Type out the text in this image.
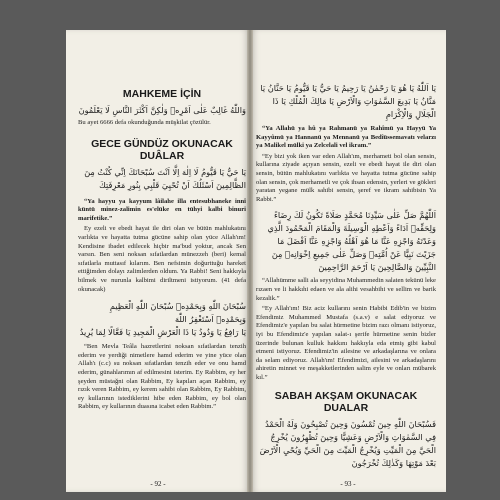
MAHKEME İÇİN

وَاللّٰهُ غَالِبٌ عَلٰى اَمْرِهٖ وَلٰكِنَّ اَكْثَرَ النَّاسِ لَا يَعْلَمُونَ

Bu ayet 6666 defa okunduğunda müşkilat çözülür.

GECE GÜNDÜZ OKUNACAK DUÂLAR

يَا حَيُّ يَا قَيُّومُ لَا اِلٰهَ اِلَّا اَنْتَ سُبْحَانَكَ اِنِّي كُنْتُ مِنَ الظَّالِمِينَ اَسْئَلُكَ اَنْ تُحْيِيَ قَلْبِي بِنُورِ مَعْرِفَتِكَ

“Ya hayyu ya kayyum lâilahe illa entesubhaneke innî küntü minez-zalimin es'elüke en tühyi kalbi binuri marifetike.”

Ey ezeli ve ebedi hayat ile diri olan ve bütün mahlukatını varlıkta ve hayatta tutma gücüne sahip olan yüce Allah'ım! Kendisine ibadet edilecek hiçbir ma'bud yoktur, ancak Sen varsın. Ben seni noksan sıfatlardan münezzeh (beri) kemal sıfatlarla muttasıf kılarım. Ben nefsimin doğurttuğu hareket ettiğimden dolayı zalimlerden oldum. Ya Rabbi! Seni hakkıyla bilmek ve nurunla kalbimi diriltmeni istiyorum. (41 defa okunacak)

سُبْحَانَ اللّٰهِ وَبِحَمْدِهٖ سُبْحَانَ اللّٰهِ الْعَظِيمِ وَبِحَمْدِهٖ اَسْتَغْفِرُ اللّٰهَ

يَا رَافِعُ يَا وَدُودُ يَا ذَا الْعَرْشِ الْمَجِيدِ يَا فَعَّالًا لِمَا يُرِيدُ

“Ben Mevla Teâla hazretlerini noksan sıfatlardan tenzih ederim ve yerdiği nimetlere hamd ederim ve yine yüce olan Allah'ı (c.c) su noksan sıfatlardan tenzih eder ve onu hamd ederim, günahlarımın af edilmesini isterim. Ey Rabbim, ey her şeyden müstağni olan Rabbim, Ey kapıları açan Rabbim, ey rızık veren Rabbim, ey kerem sahibi olan Rabbim, Ey Rabbim, ey kullarının istediklerini hibe eden Rabbim, ey bol olan Rabbim, ey kullarının duasına icabet eden Rabbim.”

- 92 -

يَا اَللّٰهُ يَا هُوَ يَا رَحْمٰنُ يَا رَحِيمُ يَا حَيُّ يَا قَيُّومُ يَا حَنَّانُ يَا مَنَّانُ يَا بَدِيعَ السَّمٰوَاتِ وَالْاَرْضِ يَا مَالِكَ الْمُلْكِ يَا ذَا الْجَلَالِ وَالْاِكْرَامِ

“Ya Allahü ya hû ya Rahmanü ya Rahîmü ya Hayyü Ya Kayyûmü ya Hannanü ya Mennanü ya Bedîüssemavatı velarzı ya Malikel mülki ya Zelcelali vel ikram.”

“Ey bizi yok iken var eden Allah'ım, merhameti bol olan sensin, kullarına ziyade açıyan sensin, ezeli ve ebedi hayat ile diri olan sensin, bütün mahlukatını varlıkta ve hayatta tutma gücüne sahip olan sensin, çok merhametli ve çok ihsan edensin, yerleri ve gökleri yaratan yegane mülk sahibi sensin, şeref ve ikram sahibisin Ya Rabbi.”

اَللّٰهُمَّ صَلِّ عَلٰى سَيِّدِنَا مُحَمَّدٍ صَلَاةً تَكُونُ لَكَ رِضَاءً وَلِحَقِّهٖ اَدَاءً وَاَعْطِهِ الْوَسِيلَةَ وَالْمَقَامَ الْمَحْمُودَ الَّذِي وَعَدْتَهُ وَاجْزِهِ عَنَّا مَا هُوَ اَهْلُهُ وَاجْزِهِ عَنَّا اَفْضَلَ مَا جَزَيْتَ نَبِيًّا عَنْ اُمَّتِهٖ وَصَلِّ عَلٰى جَمِيعِ اِخْوَانِهٖ مِنَ النَّبِيِّينَ وَالصَّالِحِينَ يَا اَرْحَمَ الرَّاحِمِينَ

“Allahümme salli ala seyyidina Muhammedin salaten tekünü leke rızaen ve li hakkıhi edaen ve ala alihi vesahbihi ve sellim ve barik kezalik.”

“Ey Allah'ım! Biz aciz kullarını senin Habibi Edib'in ve bizim Efendimiz Muhammed Mustafa (s.a.v) e salat ediyoruz ve Efendimiz'e yapılan bu salat hürmetine bizim razı olmanı istiyoruz, iyi bu Efendimiz'e yapılan salat-ı şerife hürmetine senin bizler üzerinde bulunan kulluk hakkını hakkıyla eda etmiş gibi kabul etmeni istiyoruz. Efendimiz'in ailesine ve arkadaşlarına ve onlara da selam ediyoruz. Allah'ım! Efendimizi, ailesini ve arkadaşlarını ahiretin minnet ve meşakketlerinden salim eyle ve onları mübarek kıl.”

SABAH AKŞAM OKUNACAK DUALAR

فَسُبْحَانَ اللّٰهِ حِينَ تُمْسُونَ وَحِينَ تُصْبِحُونَ وَلَهُ الْحَمْدُ فِي السَّمٰوَاتِ وَالْاَرْضِ وَعَشِيًّا وَحِينَ تُظْهِرُونَ يُخْرِجُ الْحَيَّ مِنَ الْمَيِّتِ وَيُخْرِجُ الْمَيِّتَ مِنَ الْحَيِّ وَيُحْيِ الْاَرْضَ بَعْدَ مَوْتِهَا وَكَذٰلِكَ تُخْرَجُونَ

- 93 -
